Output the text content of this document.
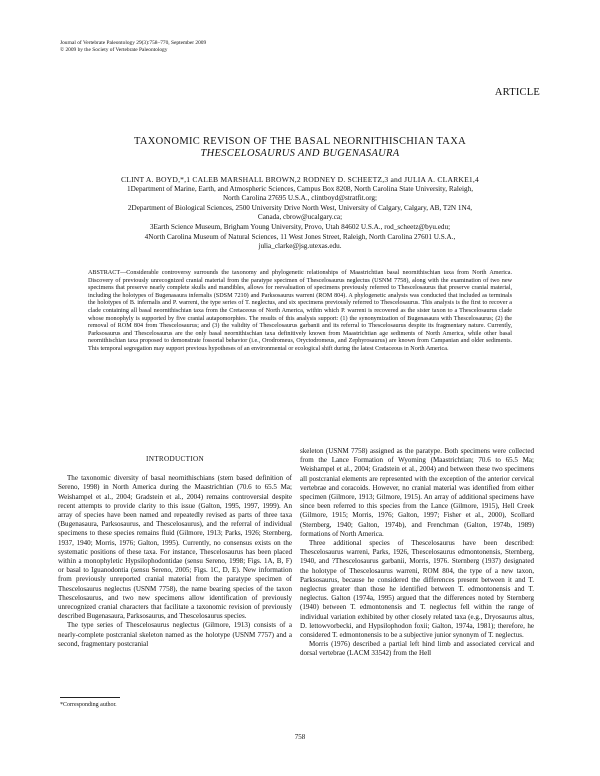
Journal of Vertebrate Paleontology 29(3):758–770, September 2009
© 2009 by the Society of Vertebrate Paleontology
ARTICLE
TAXONOMIC REVISON OF THE BASAL NEORNITHISCHIAN TAXA
THESCELOSAURUS AND BUGENASAURA
CLINT A. BOYD,*,1 CALEB MARSHALL BROWN,2 RODNEY D. SCHEETZ,3 and JULIA A. CLARKE1,4
1Department of Marine, Earth, and Atmospheric Sciences, Campus Box 8208, North Carolina State University, Raleigh,
North Carolina 27695 U.S.A., clintboyd@stratfit.org;
2Department of Biological Sciences, 2500 University Drive North West, University of Calgary, Calgary, AB, T2N 1N4,
Canada, cbrow@ucalgary.ca;
3Earth Science Museum, Brigham Young University, Provo, Utah 84602 U.S.A., rod_scheetz@byu.edu;
4North Carolina Museum of Natural Sciences, 11 West Jones Street, Raleigh, North Carolina 27601 U.S.A.,
julia_clarke@jsg.utexas.edu.
ABSTRACT—Considerable controversy surrounds the taxonomy and phylogenetic relationships of Maastrichtian basal neornithischian taxa from North America. Discovery of previously unrecognized cranial material from the paratype specimen of Thescelosaurus neglectus (USNM 7758), along with the examination of two new specimens that preserve nearly complete skulls and mandibles, allows for reevaluation of specimens previously referred to Thescelosaurus that preserve cranial material, including the holotypes of Bugenasaura infernalis (SDSM 7210) and Parksosaurus warreni (ROM 804). A phylogenetic analysis was conducted that included as terminals the holotypes of B. infernalis and P. warreni, the type series of T. neglectus, and six specimens previously referred to Thescelosaurus. This analysis is the first to recover a clade containing all basal neornithischian taxa from the Cretaceous of North America, within which P. warreni is recovered as the sister taxon to a Thescelosaurus clade whose monophyly is supported by five cranial autapomorphies. The results of this analysis support: (1) the synonymization of Bugenasaura with Thescelosaurus; (2) the removal of ROM 804 from Thescelosaurus; and (3) the validity of Thescelosaurus garbanii and its referral to Thescelosaurus despite its fragmentary nature. Currently, Parksosaurus and Thescelosaurus are the only basal neornithischian taxa definitively known from Maastrichtian age sediments of North America, while other basal neornithischian taxa proposed to demonstrate fossorial behavior (i.e., Orodromeus, Oryctodromeus, and Zephyrosaurus) are known from Campanian and older sediments. This temporal segregation may support previous hypotheses of an environmental or ecological shift during the latest Cretaceous in North America.

INTRODUCTION

The taxonomic diversity of basal neornithischians (stem based definition of Sereno, 1998) in North America during the Maastrichtian (70.6 to 65.5 Ma; Weishampel et al., 2004; Gradstein et al., 2004) remains controversial despite recent attempts to provide clarity to this issue (Galton, 1995, 1997, 1999). An array of species have been named and repeatedly revised as parts of three taxa (Bugenasaura, Parksosaurus, and Thescelosaurus), and the referral of individual specimens to these species remains fluid (Gilmore, 1913; Parks, 1926; Sternberg, 1937, 1940; Morris, 1976; Galton, 1995). Currently, no consensus exists on the systematic positions of these taxa. For instance, Thescelosaurus has been placed within a monophyletic Hypsilophodontidae (sensu Sereno, 1998; Figs. 1A, B, F) or basal to Iguanodontia (sensu Sereno, 2005; Figs. 1C, D, E). New information from previously unreported cranial material from the paratype specimen of Thescelosaurus neglectus (USNM 7758), the name bearing species of the taxon Thescelosaurus, and two new specimens allow identification of previously unrecognized cranial characters that facilitate a taxonomic revision of previously described Bugenasaura, Parksosaurus, and Thescelosaurus species.

The type series of Thescelosaurus neglectus (Gilmore, 1913) consists of a nearly-complete postcranial skeleton named as the holotype (USNM 7757) and a second, fragmentary postcranial

skeleton (USNM 7758) assigned as the paratype. Both specimens were collected from the Lance Formation of Wyoming (Maastrichtian; 70.6 to 65.5 Ma; Weishampel et al., 2004; Gradstein et al., 2004) and between these two specimens all postcranial elements are represented with the exception of the anterior cervical vertebrae and coracoids. However, no cranial material was identified from either specimen (Gilmore, 1913; Gilmore, 1915). An array of additional specimens have since been referred to this species from the Lance (Gilmore, 1915), Hell Creek (Gilmore, 1915; Morris, 1976; Galton, 1997; Fisher et al., 2000), Scollard (Sternberg, 1940; Galton, 1974b), and Frenchman (Galton, 1974b, 1989) formations of North America.

Three additional species of Thescelosaurus have been described: Thescelosaurus warreni, Parks, 1926, Thescelosaurus edmontonensis, Sternberg, 1940, and ?Thescelosaurus garbanii, Morris, 1976. Sternberg (1937) designated the holotype of Thescelosaurus warreni, ROM 804, the type of a new taxon, Parksosaurus, because he considered the differences present between it and T. neglectus greater than those he identified between T. edmontonensis and T. neglectus. Galton (1974a, 1995) argued that the differences noted by Sternberg (1940) between T. edmontonensis and T. neglectus fell within the range of individual variation exhibited by other closely related taxa (e.g., Dryosaurus altus, D. lettowvorbecki, and Hypsilophodon foxii; Galton, 1974a, 1981); therefore, he considered T. edmontonensis to be a subjective junior synonym of T. neglectus.

Morris (1976) described a partial left hind limb and associated cervical and dorsal vertebrae (LACM 33542) from the Hell

*Corresponding author.
758
